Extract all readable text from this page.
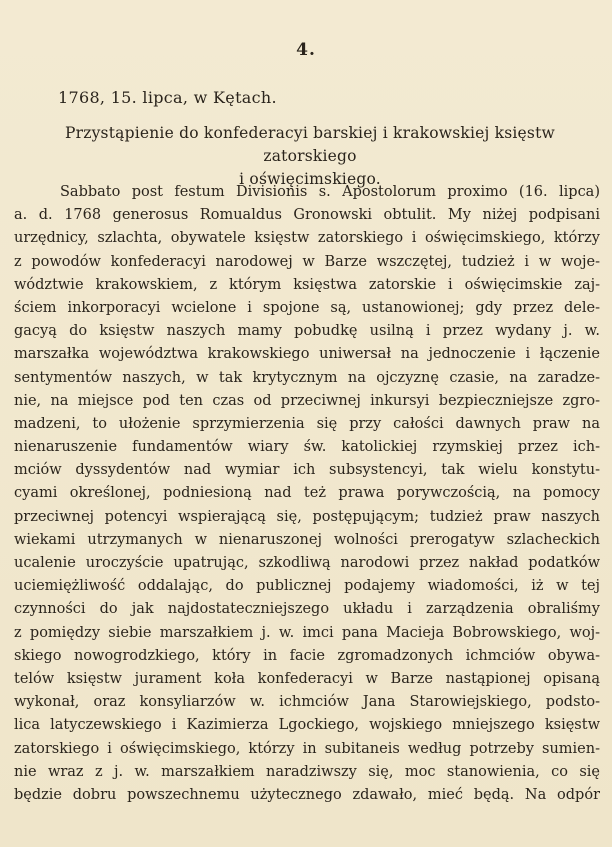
4.
1768, 15. lipca, w Kętach.
Przystąpienie do konfederacyi barskiej i krakowskiej księstw zatorskiego
i oświęcimskiego.
Sabbato post festum Divisionis s. Apostolorum proximo (16. lipca)
a. d. 1768 generosus Romualdus Gronowski obtulit. My niżej podpisani
urzędnicy, szlachta, obywatele księstw zatorskiego i oświęcimskiego, którzy
z powodów konfederacyi narodowej w Barze wszczętej, tudzież i w woje-
wództwie krakowskiem, z którym księstwa zatorskie i oświęcimskie zaj-
ściem inkorporacyi wcielone i spojone są, ustanowionej; gdy przez dele-
gacyą do księstw naszych mamy pobudkę usilną i przez wydany j. w.
marszałka województwa krakowskiego uniwersał na jednoczenie i łączenie
sentymentów naszych, w tak krytycznym na ojczyznę czasie, na zaradze-
nie, na miejsce pod ten czas od przeciwnej inkursyi bezpieczniejsze zgro-
madzeni, to ułożenie sprzymierzenia się przy całości dawnych praw na
nienaruszenie fundamentów wiary św. katolickiej rzymskiej przez ich-
mciów dyssydentów nad wymiar ich subsystencyi, tak wielu konstytu-
cyami określonej, podniesioną nad też prawa porywczością, na pomocy
przeciwnej potencyi wspierającą się, postępującym; tudzież praw naszych
wiekami utrzymanych w nienaruszonej wolności prerogatyw szlacheckich
ucalenie uroczyście upatrując, szkodliwą narodowi przez nakład podatków
uciemiężliwość oddalając, do publicznej podajemy wiadomości, iż w tej
czynności do jak najdostateczniejszego układu i zarządzenia obraliśmy
z pomiędzy siebie marszałkiem j. w. imci pana Macieja Bobrowskiego, woj-
skiego nowogrodzkiego, który in facie zgromadzonych ichmciów obywa-
telów księstw jurament koła konfederacyi w Barze nastąpionej opisaną
wykonał, oraz konsyliarzów w. ichmciów Jana Starowiejskiego, podsto-
lica latyczewskiego i Kazimierza Lgockiego, wojskiego mniejszego księstw
zatorskiego i oświęcimskiego, którzy in subitaneis według potrzeby sumien-
nie wraz z j. w. marszałkiem naradziwszy się, moc stanowienia, co się
będzie dobru powszechnemu użytecznego zdawało, mieć będą. Na odpór
